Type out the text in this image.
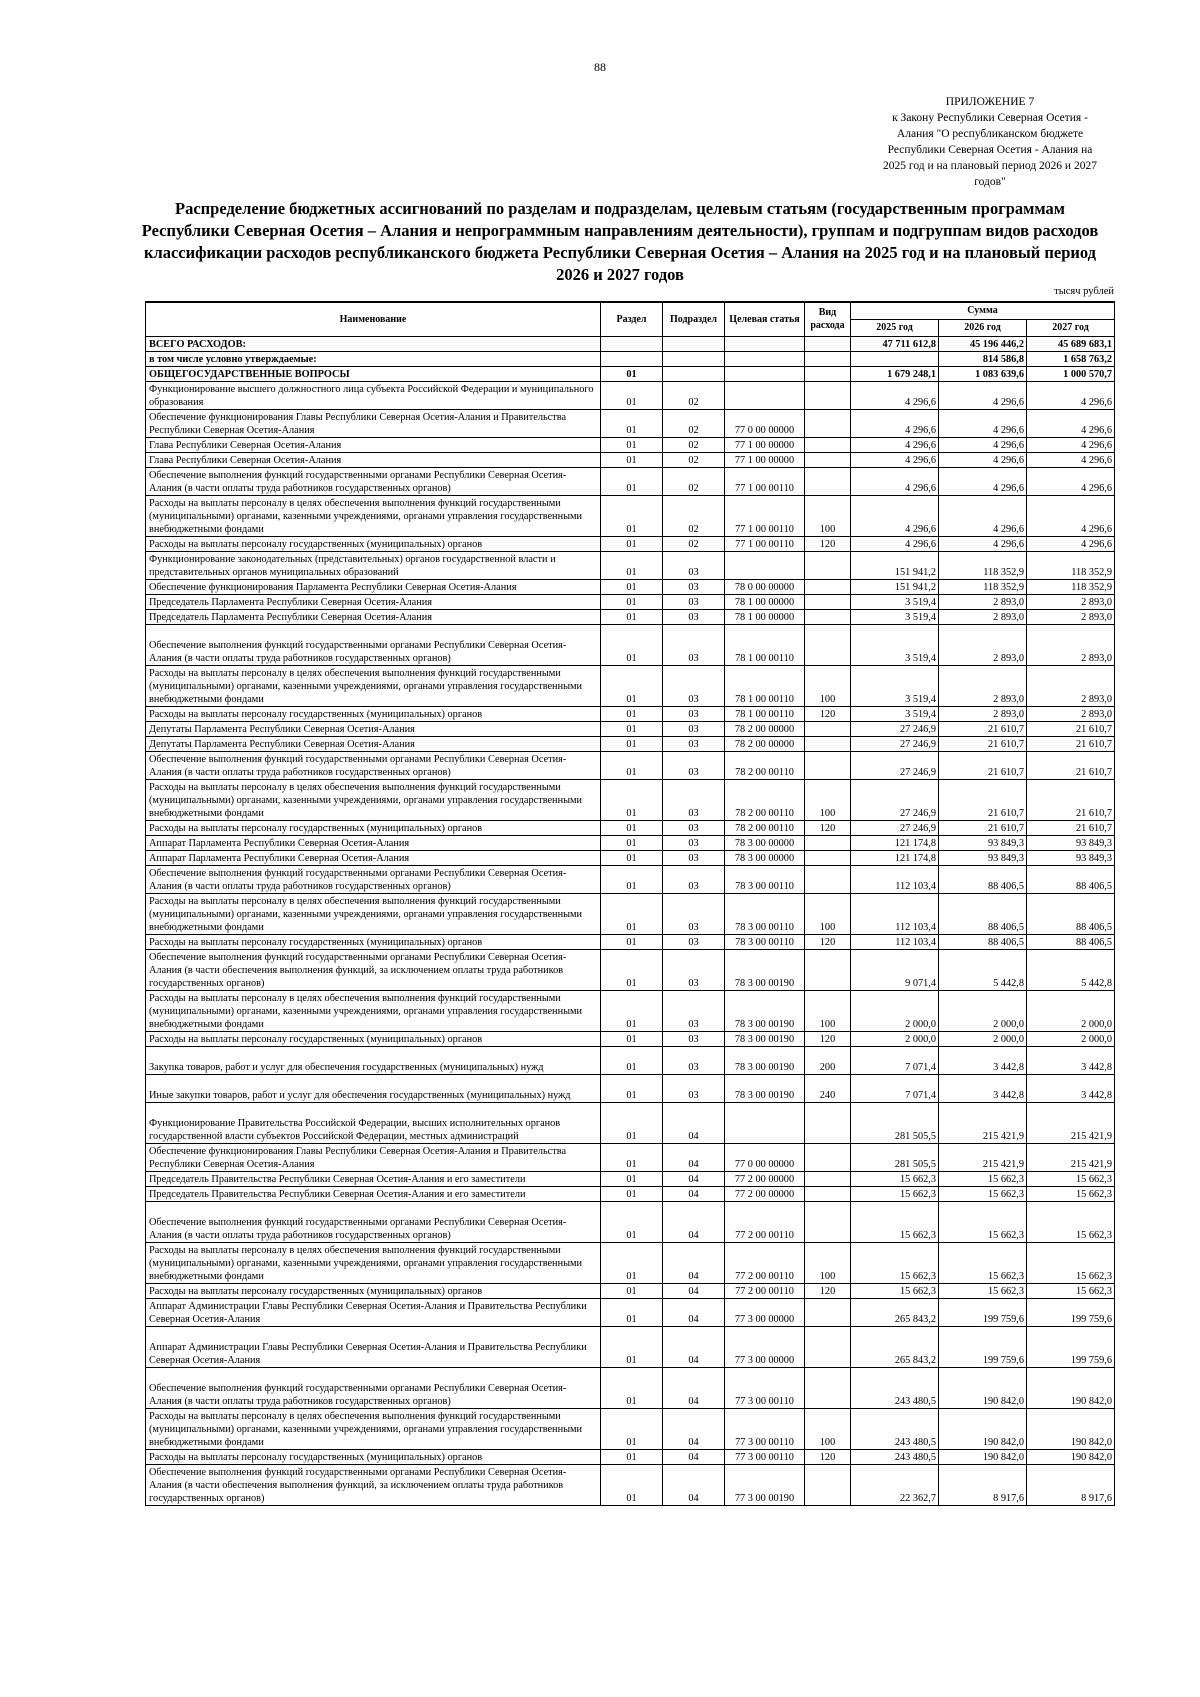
88
ПРИЛОЖЕНИЕ 7
к Закону Республики Северная Осетия -
Алания "О республиканском бюджете
Республики Северная Осетия - Алания на
2025 год и на плановый период 2026 и 2027
годов"
Распределение бюджетных ассигнований по разделам и подразделам, целевым статьям (государственным программам
Республики Северная Осетия – Алания и непрограммным направлениям деятельности), группам и подгруппам видов расходов
классификации расходов республиканского бюджета Республики Северная Осетия – Алания на 2025 год и на плановый период
2026 и 2027 годов
тысяч рублей
Наименование	Раздел	Подраздел	Целевая статья	Вид расхода	Сумма		
					2025 год	2026 год	2027 год
ВСЕГО РАСХОДОВ:					47 711 612,8	45 196 446,2	45 689 683,1
в том числе условно утверждаемые:						814 586,8	1 658 763,2
ОБЩЕГОСУДАРСТВЕННЫЕ ВОПРОСЫ	01				1 679 248,1	1 083 639,6	1 000 570,7
Функционирование высшего должностного лица субъекта Российской Федерации и муниципального образования	01	02			4 296,6	4 296,6	4 296,6
Обеспечение функционирования Главы Республики Северная Осетия-Алания и Правительства Республики Северная Осетия-Алания	01	02	77 0 00 00000		4 296,6	4 296,6	4 296,6
Глава Республики Северная Осетия-Алания	01	02	77 1 00 00000		4 296,6	4 296,6	4 296,6
Глава Республики Северная Осетия-Алания	01	02	77 1 00 00000		4 296,6	4 296,6	4 296,6
Обеспечение выполнения функций государственными органами Республики Северная Осетия-Алания (в части оплаты труда работников государственных органов)	01	02	77 1 00 00110		4 296,6	4 296,6	4 296,6
Расходы на выплаты персоналу в целях обеспечения выполнения функций государственными (муниципальными) органами, казенными учреждениями, органами управления государственными внебюджетными фондами	01	02	77 1 00 00110	100	4 296,6	4 296,6	4 296,6
Расходы на выплаты персоналу государственных (муниципальных) органов	01	02	77 1 00 00110	120	4 296,6	4 296,6	4 296,6
Функционирование законодательных (представительных) органов государственной власти и представительных органов муниципальных образований	01	03			151 941,2	118 352,9	118 352,9
Обеспечение функционирования Парламента Республики Северная Осетия-Алания	01	03	78 0 00 00000		151 941,2	118 352,9	118 352,9
Председатель Парламента Республики Северная Осетия-Алания	01	03	78 1 00 00000		3 519,4	2 893,0	2 893,0
Председатель Парламента Республики Северная Осетия-Алания	01	03	78 1 00 00000		3 519,4	2 893,0	2 893,0
Обеспечение выполнения функций государственными органами Республики Северная Осетия-Алания (в части оплаты труда работников государственных органов)	01	03	78 1 00 00110		3 519,4	2 893,0	2 893,0
Расходы на выплаты персоналу в целях обеспечения выполнения функций государственными (муниципальными) органами, казенными учреждениями, органами управления государственными внебюджетными фондами	01	03	78 1 00 00110	100	3 519,4	2 893,0	2 893,0
Расходы на выплаты персоналу государственных (муниципальных) органов	01	03	78 1 00 00110	120	3 519,4	2 893,0	2 893,0
Депутаты Парламента Республики Северная Осетия-Алания	01	03	78 2 00 00000		27 246,9	21 610,7	21 610,7
Депутаты Парламента Республики Северная Осетия-Алания	01	03	78 2 00 00000		27 246,9	21 610,7	21 610,7
Обеспечение выполнения функций государственными органами Республики Северная Осетия-Алания (в части оплаты труда работников государственных органов)	01	03	78 2 00 00110		27 246,9	21 610,7	21 610,7
Расходы на выплаты персоналу в целях обеспечения выполнения функций государственными (муниципальными) органами, казенными учреждениями, органами управления государственными внебюджетными фондами	01	03	78 2 00 00110	100	27 246,9	21 610,7	21 610,7
Расходы на выплаты персоналу государственных (муниципальных) органов	01	03	78 2 00 00110	120	27 246,9	21 610,7	21 610,7
Аппарат Парламента Республики Северная Осетия-Алания	01	03	78 3 00 00000		121 174,8	93 849,3	93 849,3
Аппарат Парламента Республики Северная Осетия-Алания	01	03	78 3 00 00000		121 174,8	93 849,3	93 849,3
Обеспечение выполнения функций государственными органами Республики Северная Осетия-Алания (в части оплаты труда работников государственных органов)	01	03	78 3 00 00110		112 103,4	88 406,5	88 406,5
Расходы на выплаты персоналу в целях обеспечения выполнения функций государственными (муниципальными) органами, казенными учреждениями, органами управления государственными внебюджетными фондами	01	03	78 3 00 00110	100	112 103,4	88 406,5	88 406,5
Расходы на выплаты персоналу государственных (муниципальных) органов	01	03	78 3 00 00110	120	112 103,4	88 406,5	88 406,5
Обеспечение выполнения функций государственными органами Республики Северная Осетия-Алания (в части обеспечения выполнения функций, за исключением оплаты труда работников государственных органов)	01	03	78 3 00 00190		9 071,4	5 442,8	5 442,8
Расходы на выплаты персоналу в целях обеспечения выполнения функций государственными (муниципальными) органами, казенными учреждениями, органами управления государственными внебюджетными фондами	01	03	78 3 00 00190	100	2 000,0	2 000,0	2 000,0
Расходы на выплаты персоналу государственных (муниципальных) органов	01	03	78 3 00 00190	120	2 000,0	2 000,0	2 000,0
Закупка товаров, работ и услуг для обеспечения государственных (муниципальных) нужд	01	03	78 3 00 00190	200	7 071,4	3 442,8	3 442,8
Иные закупки товаров, работ и услуг для обеспечения государственных (муниципальных) нужд	01	03	78 3 00 00190	240	7 071,4	3 442,8	3 442,8
Функционирование Правительства Российской Федерации, высших исполнительных органов государственной власти субъектов Российской Федерации, местных администраций	01	04			281 505,5	215 421,9	215 421,9
Обеспечение функционирования Главы Республики Северная Осетия-Алания и Правительства Республики Северная Осетия-Алания	01	04	77 0 00 00000		281 505,5	215 421,9	215 421,9
Председатель Правительства Республики Северная Осетия-Алания и его заместители	01	04	77 2 00 00000		15 662,3	15 662,3	15 662,3
Председатель Правительства Республики Северная Осетия-Алания и его заместители	01	04	77 2 00 00000		15 662,3	15 662,3	15 662,3
Обеспечение выполнения функций государственными органами Республики Северная Осетия-Алания (в части оплаты труда работников государственных органов)	01	04	77 2 00 00110		15 662,3	15 662,3	15 662,3
Расходы на выплаты персоналу в целях обеспечения выполнения функций государственными (муниципальными) органами, казенными учреждениями, органами управления государственными внебюджетными фондами	01	04	77 2 00 00110	100	15 662,3	15 662,3	15 662,3
Расходы на выплаты персоналу государственных (муниципальных) органов	01	04	77 2 00 00110	120	15 662,3	15 662,3	15 662,3
Аппарат Администрации Главы Республики Северная Осетия-Алания и Правительства Республики Северная Осетия-Алания	01	04	77 3 00 00000		265 843,2	199 759,6	199 759,6
Аппарат Администрации Главы Республики Северная Осетия-Алания и Правительства Республики Северная Осетия-Алания	01	04	77 3 00 00000		265 843,2	199 759,6	199 759,6
Обеспечение выполнения функций государственными органами Республики Северная Осетия-Алания (в части оплаты труда работников государственных органов)	01	04	77 3 00 00110		243 480,5	190 842,0	190 842,0
Расходы на выплаты персоналу в целях обеспечения выполнения функций государственными (муниципальными) органами, казенными учреждениями, органами управления государственными внебюджетными фондами	01	04	77 3 00 00110	100	243 480,5	190 842,0	190 842,0
Расходы на выплаты персоналу государственных (муниципальных) органов	01	04	77 3 00 00110	120	243 480,5	190 842,0	190 842,0
Обеспечение выполнения функций государственными органами Республики Северная Осетия-Алания (в части обеспечения выполнения функций, за исключением оплаты труда работников государственных органов)	01	04	77 3 00 00190		22 362,7	8 917,6	8 917,6
